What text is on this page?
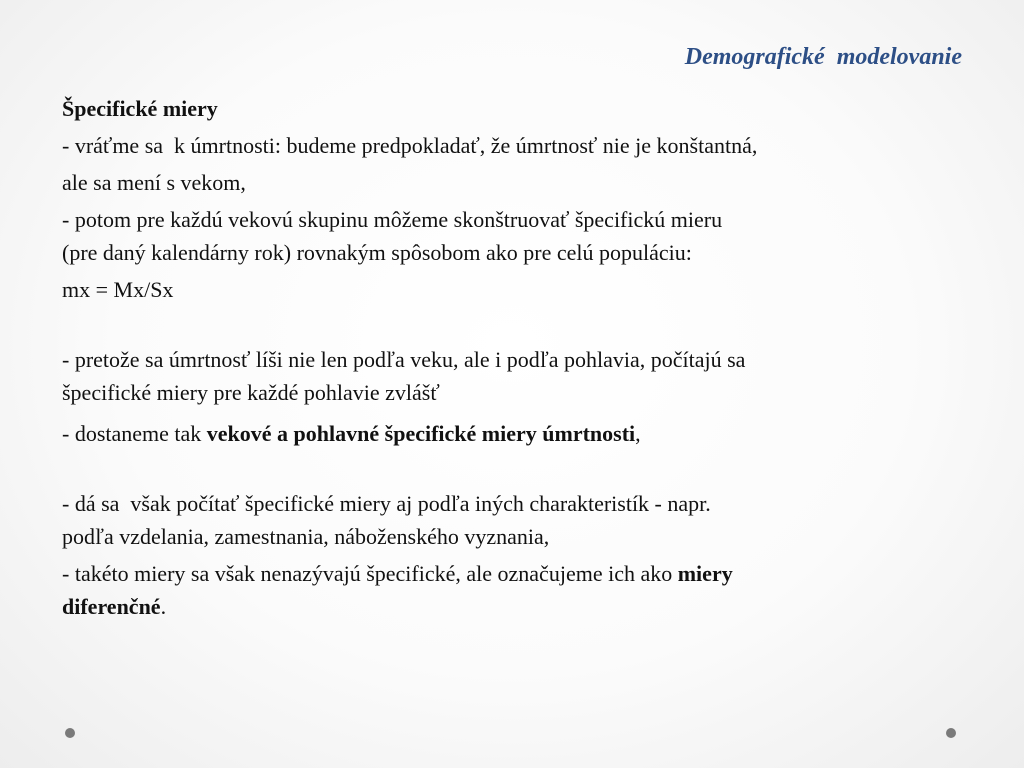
Demografické  modelovanie

Špecifické miery

- vráťme sa  k úmrtnosti: budeme predpokladať, že úmrtnosť nie je konštantná,

ale sa mení s vekom,

- potom pre každú vekovú skupinu môžeme skonštruovať špecifickú mieru

(pre daný kalendárny rok) rovnakým spôsobom ako pre celú populáciu:

mx = Mx/Sx

- pretože sa úmrtnosť líši nie len podľa veku, ale i podľa pohlavia, počítajú sa

špecifické miery pre každé pohlavie zvlášť

- dostaneme tak vekové a pohlavné špecifické miery úmrtnosti,

- dá sa  však počítať špecifické miery aj podľa iných charakteristík - napr.

podľa vzdelania, zamestnania, náboženského vyznania,

- takéto miery sa však nenazývajú špecifické, ale označujeme ich ako miery

diferenčné.
